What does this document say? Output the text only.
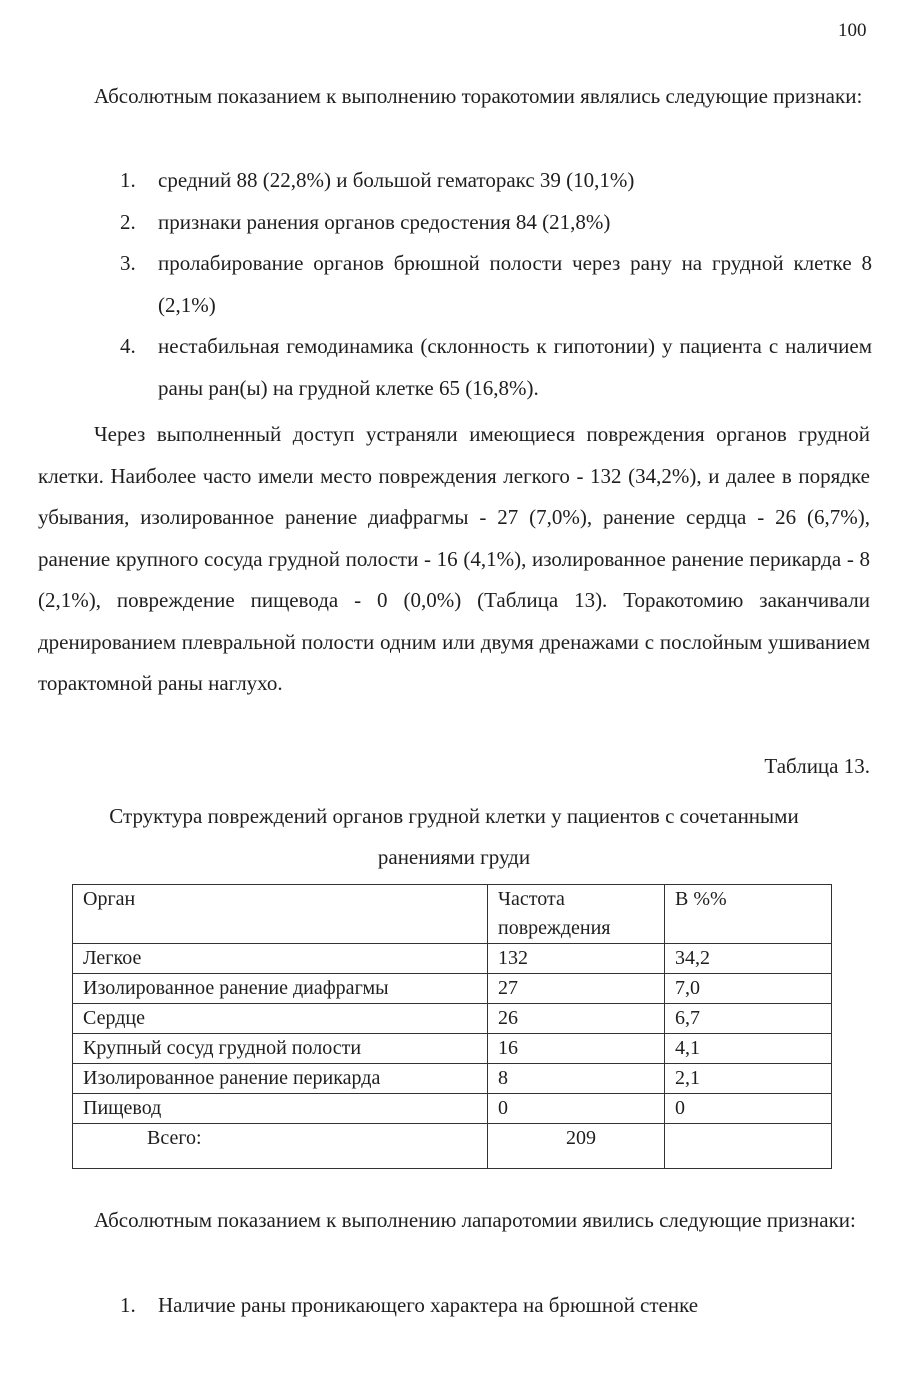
100
Абсолютным показанием к выполнению торакотомии являлись следующие признаки:
1. средний 88 (22,8%) и большой гематоракс 39 (10,1%)
2. признаки ранения органов средостения 84 (21,8%)
3. пролабирование органов брюшной полости через рану на грудной клетке 8 (2,1%)
4. нестабильная гемодинамика (склонность к гипотонии) у пациента с наличием раны ран(ы) на грудной клетке 65 (16,8%).
Через выполненный доступ устраняли имеющиеся повреждения органов грудной клетки. Наиболее часто имели место повреждения легкого - 132 (34,2%), и далее в порядке убывания, изолированное ранение диафрагмы - 27 (7,0%), ранение сердца - 26 (6,7%), ранение крупного сосуда грудной полости - 16 (4,1%), изолированное ранение перикарда - 8 (2,1%), повреждение пищевода - 0 (0,0%) (Таблица 13). Торакотомию заканчивали дренированием плевральной полости одним или двумя дренажами с послойным ушиванием торактомной раны наглухо.
Таблица 13.
Структура повреждений органов грудной клетки у пациентов с сочетанными
ранениями груди
Орган	Частота повреждения	В %%
Легкое	132	34,2
Изолированное ранение диафрагмы	27	7,0
Сердце	26	6,7
Крупный сосуд грудной полости	16	4,1
Изолированное ранение перикарда	8	2,1
Пищевод	0	0
Всего:	209	
Абсолютным показанием к выполнению лапаротомии явились следующие признаки:
1. Наличие раны проникающего характера на брюшной стенке
